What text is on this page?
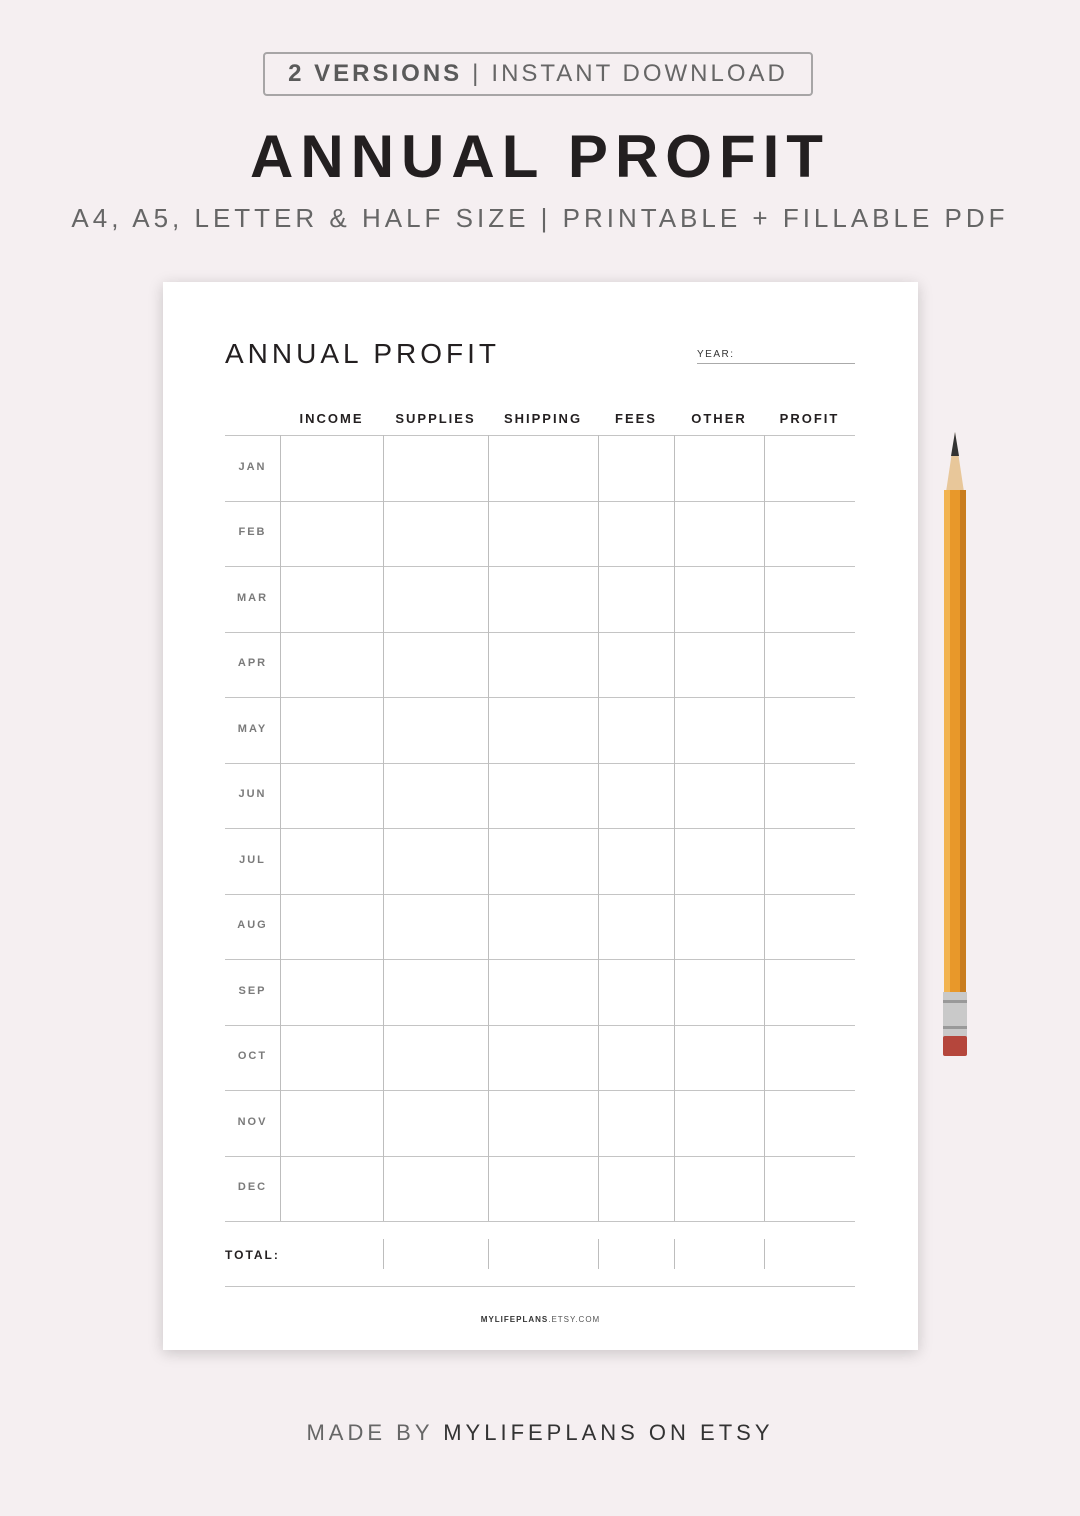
2 VERSIONS | INSTANT DOWNLOAD
ANNUAL PROFIT
A4, A5, LETTER & HALF SIZE | PRINTABLE + FILLABLE PDF
ANNUAL PROFIT	YEAR:
INCOME	SUPPLIES	SHIPPING	FEES	OTHER	PROFIT
JAN
FEB
MAR
APR
MAY
JUN
JUL
AUG
SEP
OCT
NOV
DEC
TOTAL:
MYLIFEPLANS.ETSY.COM
MADE BY MYLIFEPLANS ON ETSY
